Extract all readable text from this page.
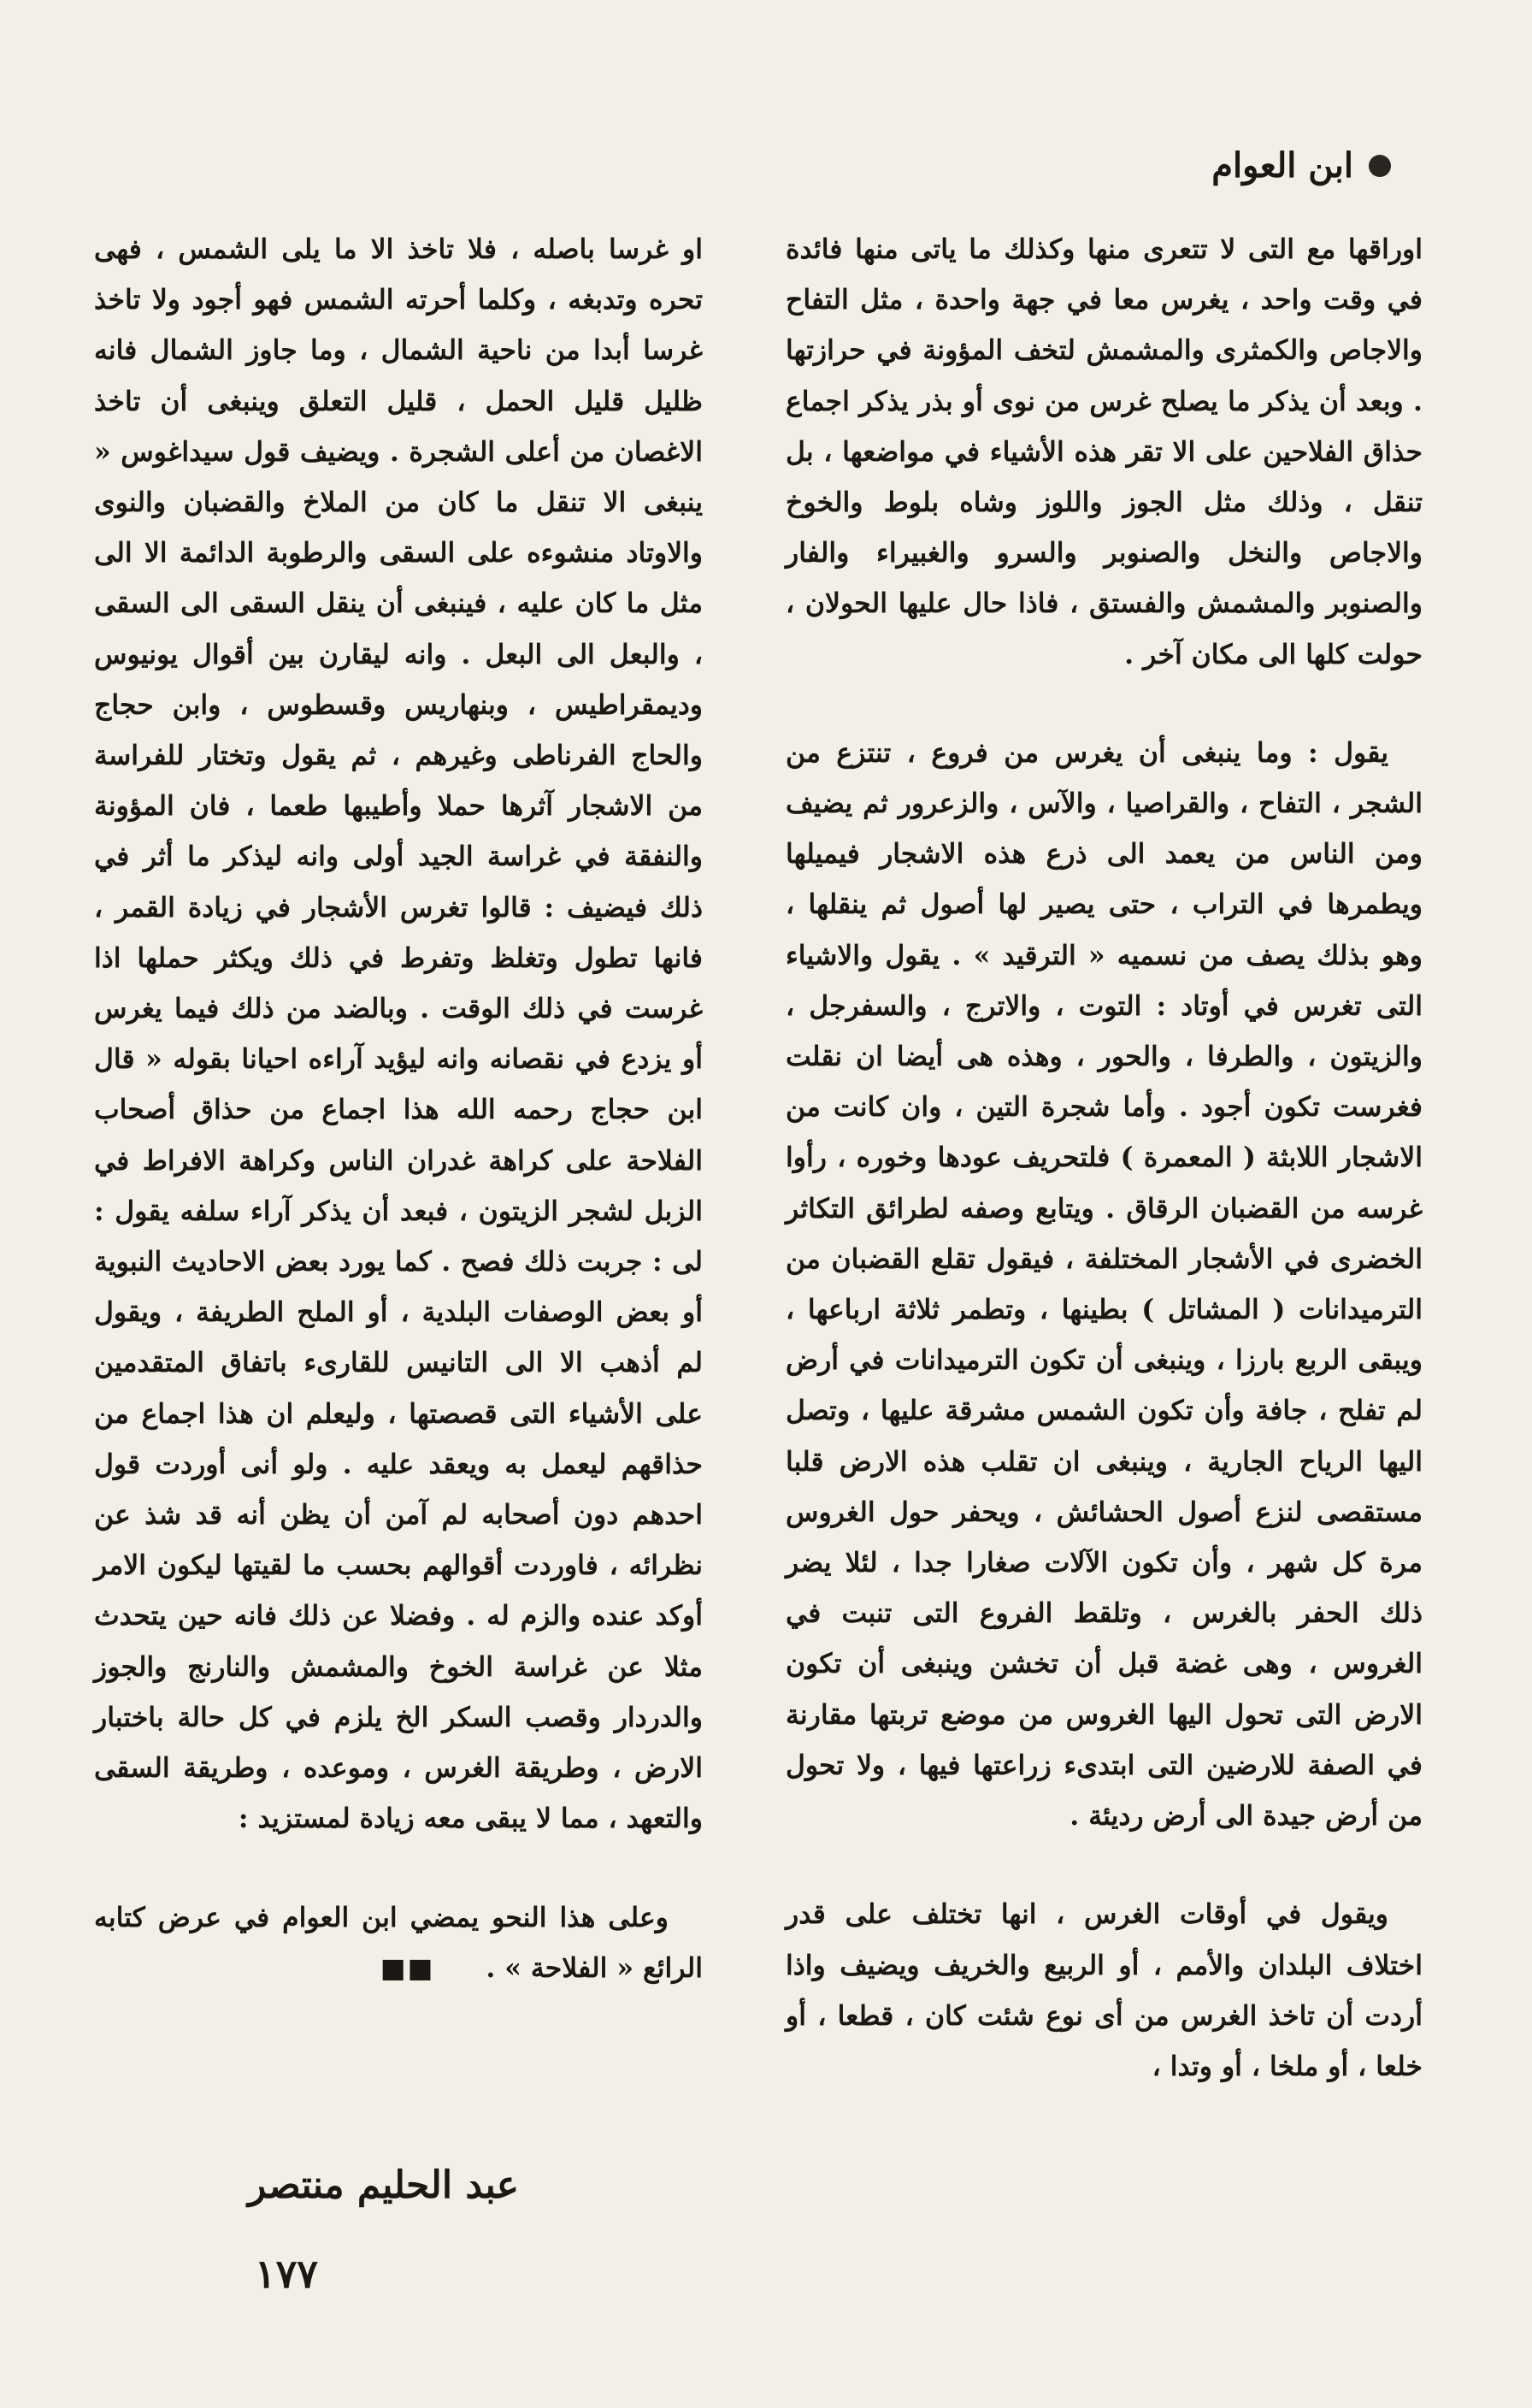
ابن العوام

اوراقها مع التى لا تتعرى منها وكذلك ما ياتى منها فائدة في وقت واحد ، يغرس معا في جهة واحدة ، مثل التفاح والاجاص والكمثرى والمشمش لتخف المؤونة في حرازتها . وبعد أن يذكر ما يصلح غرس من نوى أو بذر يذكر اجماع حذاق الفلاحين على الا تقر هذه الأشياء في مواضعها ، بل تنقل ، وذلك مثل الجوز واللوز وشاه بلوط والخوخ والاجاص والنخل والصنوبر والسرو والغبيراء والفار والصنوبر والمشمش والفستق ، فاذا حال عليها الحولان ، حولت كلها الى مكان آخر .

يقول : وما ينبغى أن يغرس من فروع ، تنتزع من الشجر ، التفاح ، والقراصيا ، والآس ، والزعرور ثم يضيف ومن الناس من يعمد الى ذرع هذه الاشجار فيميلها ويطمرها في التراب ، حتى يصير لها أصول ثم ينقلها ، وهو بذلك يصف من نسميه « الترقيد » . يقول والاشياء التى تغرس في أوتاد : التوت ، والاترج ، والسفرجل ، والزيتون ، والطرفا ، والحور ، وهذه هى أيضا ان نقلت فغرست تكون أجود . وأما شجرة التين ، وان كانت من الاشجار اللابثة ( المعمرة ) فلتحريف عودها وخوره ، رأوا غرسه من القضبان الرقاق . ويتابع وصفه لطرائق التكاثر الخضرى في الأشجار المختلفة ، فيقول تقلع القضبان من الترميدانات ( المشاتل ) بطينها ، وتطمر ثلاثة ارباعها ، ويبقى الربع بارزا ، وينبغى أن تكون الترميدانات في أرض لم تفلح ، جافة وأن تكون الشمس مشرقة عليها ، وتصل اليها الرياح الجارية ، وينبغى ان تقلب هذه الارض قلبا مستقصى لنزع أصول الحشائش ، ويحفر حول الغروس مرة كل شهر ، وأن تكون الآلات صغارا جدا ، لئلا يضر ذلك الحفر بالغرس ، وتلقط الفروع التى تنبت في الغروس ، وهى غضة قبل أن تخشن وينبغى أن تكون الارض التى تحول اليها الغروس من موضع تربتها مقارنة في الصفة للارضين التى ابتدىء زراعتها فيها ، ولا تحول من أرض جيدة الى أرض رديئة .

ويقول في أوقات الغرس ، انها تختلف على قدر اختلاف البلدان والأمم ، أو الربيع والخريف ويضيف واذا أردت أن تاخذ الغرس من أى نوع شئت كان ، قطعا ، أو خلعا ، أو ملخا ، أو وتدا ،

او غرسا باصله ، فلا تاخذ الا ما يلى الشمس ، فهى تحره وتدبغه ، وكلما أحرته الشمس فهو أجود ولا تاخذ غرسا أبدا من ناحية الشمال ، وما جاوز الشمال فانه ظليل قليل الحمل ، قليل التعلق وينبغى أن تاخذ الاغصان من أعلى الشجرة . ويضيف قول سيداغوس « ينبغى الا تنقل ما كان من الملاخ والقضبان والنوى والاوتاد منشوءه على السقى والرطوبة الدائمة الا الى مثل ما كان عليه ، فينبغى أن ينقل السقى الى السقى ، والبعل الى البعل . وانه ليقارن بين أقوال يونيوس وديمقراطيس ، وبنهاريس وقسطوس ، وابن حجاج والحاج الفرناطى وغيرهم ، ثم يقول وتختار للفراسة من الاشجار آثرها حملا وأطيبها طعما ، فان المؤونة والنفقة في غراسة الجيد أولى وانه ليذكر ما أثر في ذلك فيضيف : قالوا تغرس الأشجار في زيادة القمر ، فانها تطول وتغلظ وتفرط في ذلك ويكثر حملها اذا غرست في ذلك الوقت . وبالضد من ذلك فيما يغرس أو يزدع في نقصانه وانه ليؤيد آراءه احيانا بقوله « قال ابن حجاج رحمه الله هذا اجماع من حذاق أصحاب الفلاحة على كراهة غدران الناس وكراهة الافراط في الزبل لشجر الزيتون ، فبعد أن يذكر آراء سلفه يقول : لى : جربت ذلك فصح . كما يورد بعض الاحاديث النبوية أو بعض الوصفات البلدية ، أو الملح الطريفة ، ويقول لم أذهب الا الى التانيس للقارىء باتفاق المتقدمين على الأشياء التى قصصتها ، وليعلم ان هذا اجماع من حذاقهم ليعمل به ويعقد عليه . ولو أنى أوردت قول احدهم دون أصحابه لم آمن أن يظن أنه قد شذ عن نظرائه ، فاوردت أقوالهم بحسب ما لقيتها ليكون الامر أوكد عنده والزم له . وفضلا عن ذلك فانه حين يتحدث مثلا عن غراسة الخوخ والمشمش والنارنج والجوز والدردار وقصب السكر الخ يلزم في كل حالة باختبار الارض ، وطريقة الغرس ، وموعده ، وطريقة السقى والتعهد ، مما لا يبقى معه زيادة لمستزيد :

وعلى هذا النحو يمضي ابن العوام في عرض كتابه الرائع « الفلاحة » .■■

عبد الحليم منتصر
١٧٧
